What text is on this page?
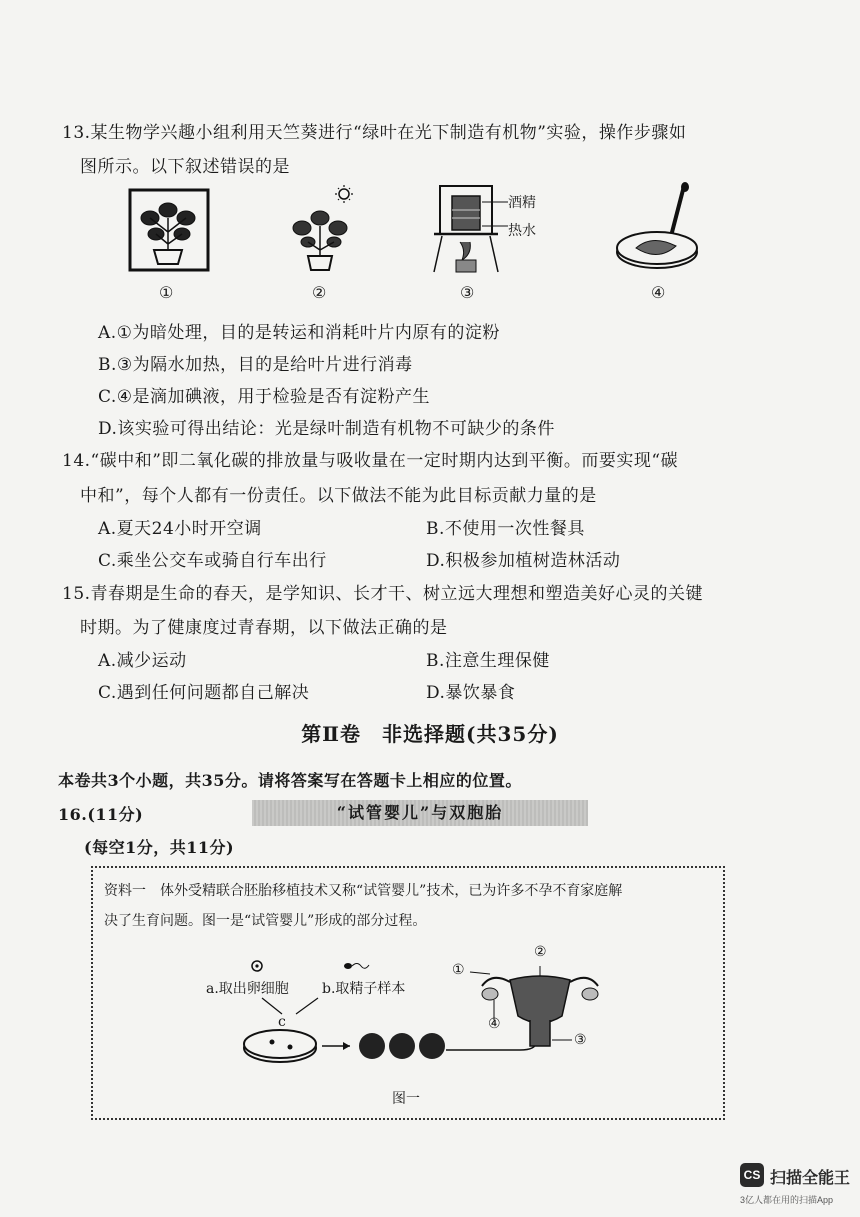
13.某生物学兴趣小组利用天竺葵进行“绿叶在光下制造有机物”实验，操作步骤如
图所示。以下叙述错误的是
①	②
酒精
热水
③	④
A.①为暗处理，目的是转运和消耗叶片内原有的淀粉
B.③为隔水加热，目的是给叶片进行消毒
C.④是滴加碘液，用于检验是否有淀粉产生
D.该实验可得出结论：光是绿叶制造有机物不可缺少的条件
14.“碳中和”即二氧化碳的排放量与吸收量在一定时期内达到平衡。而要实现“碳
中和”，每个人都有一份责任。以下做法不能为此目标贡献力量的是
A.夏天24小时开空调	B.不使用一次性餐具
C.乘坐公交车或骑自行车出行	D.积极参加植树造林活动
15.青春期是生命的春天，是学知识、长才干、树立远大理想和塑造美好心灵的关键
时期。为了健康度过青春期，以下做法正确的是
A.减少运动	B.注意生理保健
C.遇到任何问题都自己解决	D.暴饮暴食
第Ⅱ卷　非选择题(共35分)
本卷共3个小题，共35分。请将答案写在答题卡上相应的位置。
16.(11分)	“试管婴儿”与双胞胎
(每空1分，共11分)
资料一　体外受精联合胚胎移植技术又称“试管婴儿”技术，已为许多不孕不育家庭解
决了生育问题。图一是“试管婴儿”形成的部分过程。
a.取出卵细胞 b.取精子样本
c
①
②
③
④
图一
CS 扫描全能王
3亿人都在用的扫描App
